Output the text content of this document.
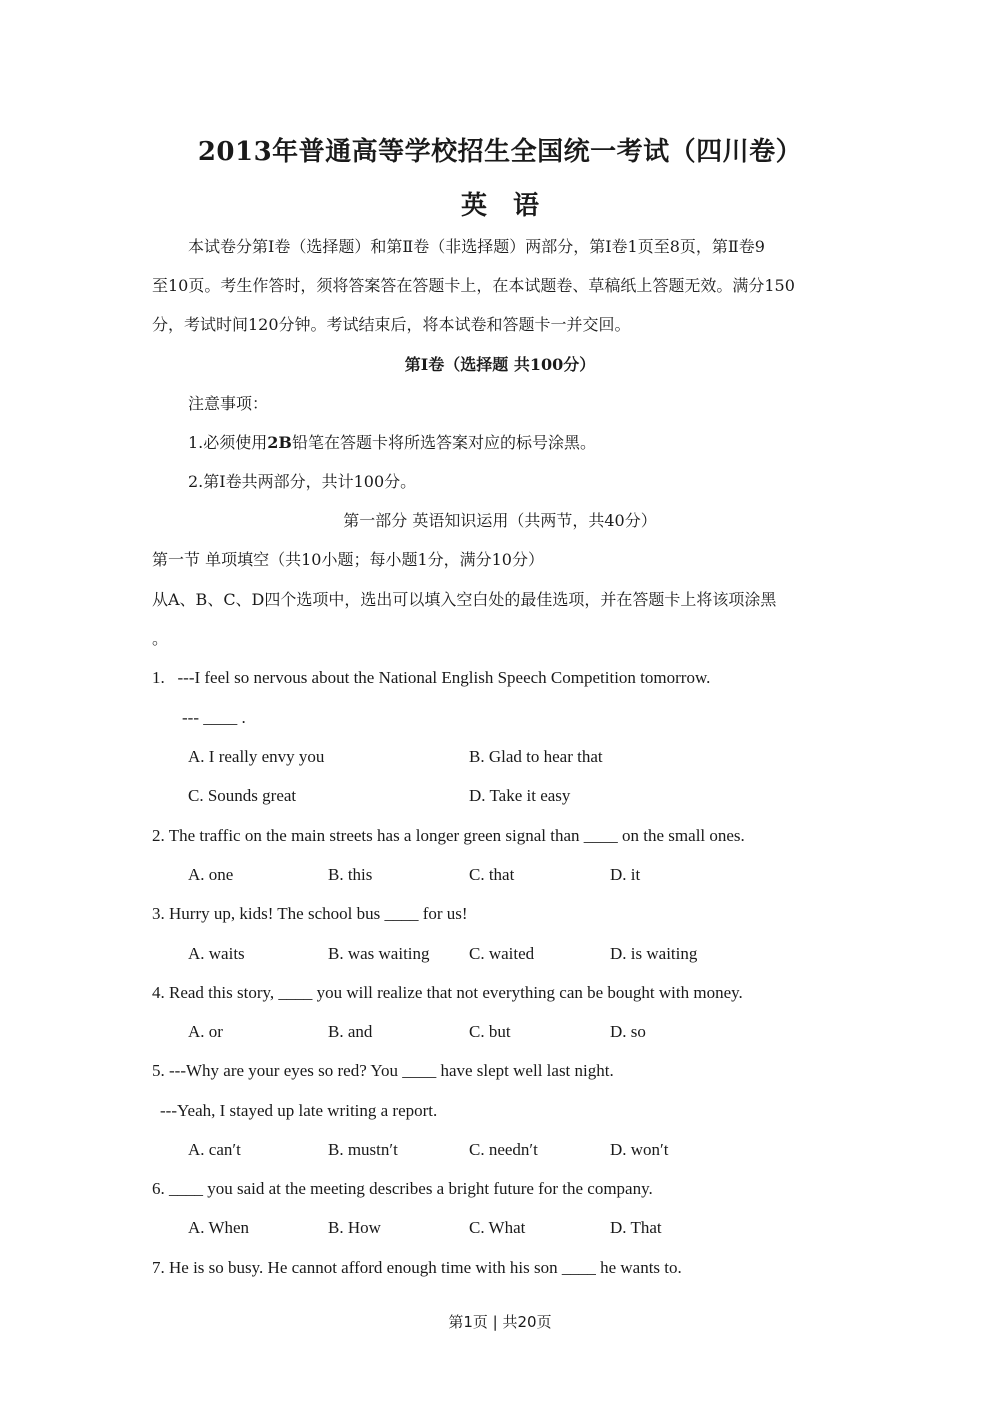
2013年普通高等学校招生全国统一考试（四川卷）
英　语
本试卷分第Ⅰ卷（选择题）和第Ⅱ卷（非选择题）两部分，第Ⅰ卷1页至8页，第Ⅱ卷9
至10页。考生作答时，须将答案答在答题卡上，在本试题卷、草稿纸上答题无效。满分150
分，考试时间120分钟。考试结束后，将本试卷和答题卡一并交回。
第Ⅰ卷（选择题 共100分）
注意事项：
1.必须使用2B铅笔在答题卡将所选答案对应的标号涂黑。
2.第Ⅰ卷共两部分，共计100分。
第一部分 英语知识运用（共两节，共40分）
第一节 单项填空（共10小题；每小题1分，满分10分）
从A、B、C、D四个选项中，选出可以填入空白处的最佳选项，并在答题卡上将该项涂黑
。
1.   ---I feel so nervous about the National English Speech Competition tomorrow.
--- ____ .
A. I really envy you	B. Glad to hear that
C. Sounds great	D. Take it easy
2. The traffic on the main streets has a longer green signal than ____ on the small ones.
A. one	B. this	C. that	D. it
3. Hurry up, kids! The school bus ____ for us!
A. waits	B. was waiting C. waited	D. is waiting
4. Read this story, ____ you will realize that not everything can be bought with money.
A. or	B. and	C. but	D. so
5. ---Why are your eyes so red? You ____ have slept well last night.
---Yeah, I stayed up late writing a report.
A. can′t	B. mustn′t	C. needn′t	D. won′t
6. ____ you said at the meeting describes a bright future for the company.
A. When	B. How	C. What	D. That
7. He is so busy. He cannot afford enough time with his son ____ he wants to.
第1页 | 共20页
